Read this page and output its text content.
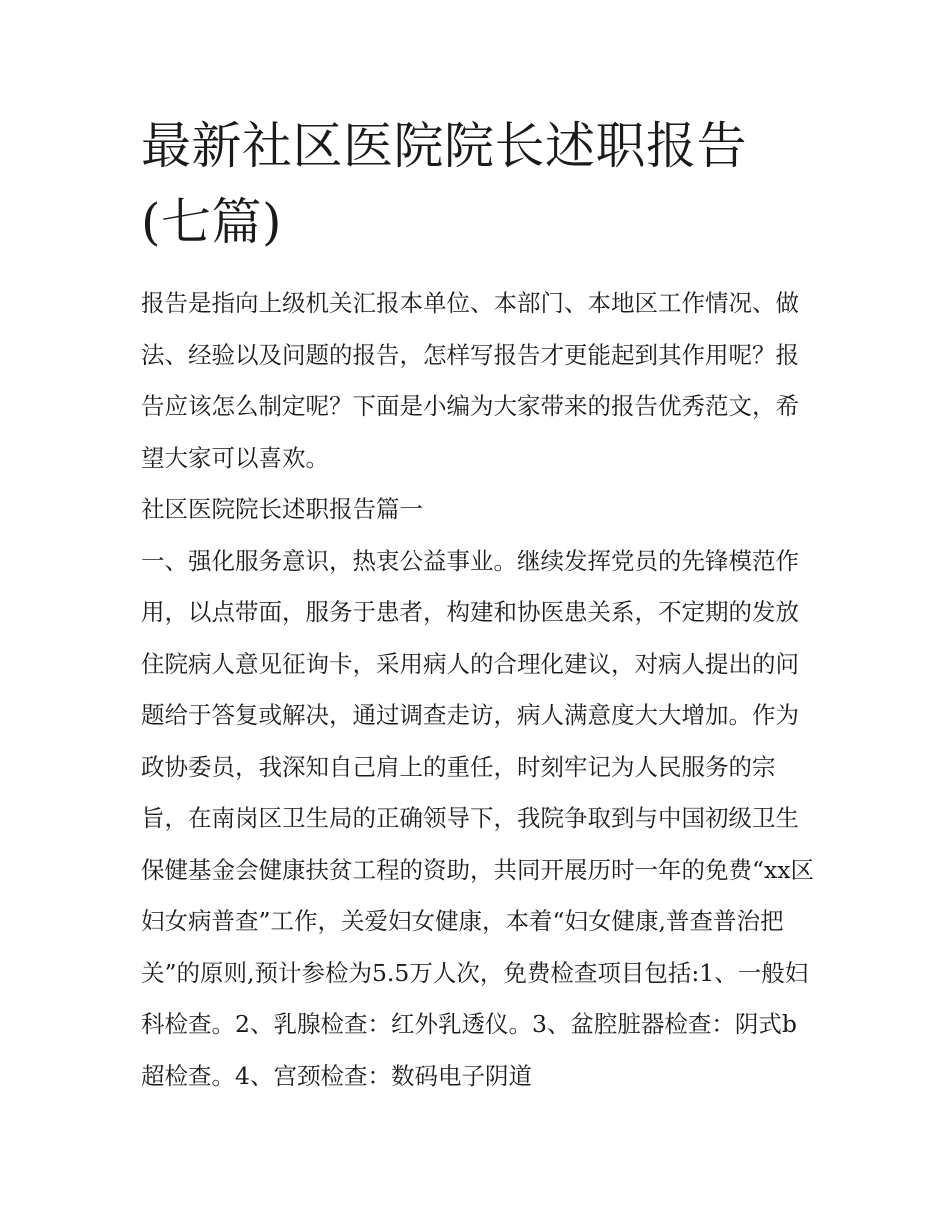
最新社区医院院长述职报告(七篇)

报告是指向上级机关汇报本单位、本部门、本地区工作情况、做法、经验以及问题的报告，怎样写报告才更能起到其作用呢？报告应该怎么制定呢？下面是小编为大家带来的报告优秀范文，希望大家可以喜欢。

社区医院院长述职报告篇一

一、强化服务意识，热衷公益事业。继续发挥党员的先锋模范作用，以点带面，服务于患者，构建和协医患关系，不定期的发放住院病人意见征询卡，采用病人的合理化建议，对病人提出的问题给于答复或解决，通过调查走访，病人满意度大大增加。作为政协委员，我深知自己肩上的重任，时刻牢记为人民服务的宗旨，在南岗区卫生局的正确领导下，我院争取到与中国初级卫生保健基金会健康扶贫工程的资助，共同开展历时一年的免费“xx区妇女病普查”工作，关爱妇女健康，本着“妇女健康,普查普治把关”的原则,预计参检为5.5万人次，免费检查项目包括:1、一般妇科检查。2、乳腺检查：红外乳透仪。3、盆腔脏器检查：阴式b超检查。4、宫颈检查：数码电子阴道
